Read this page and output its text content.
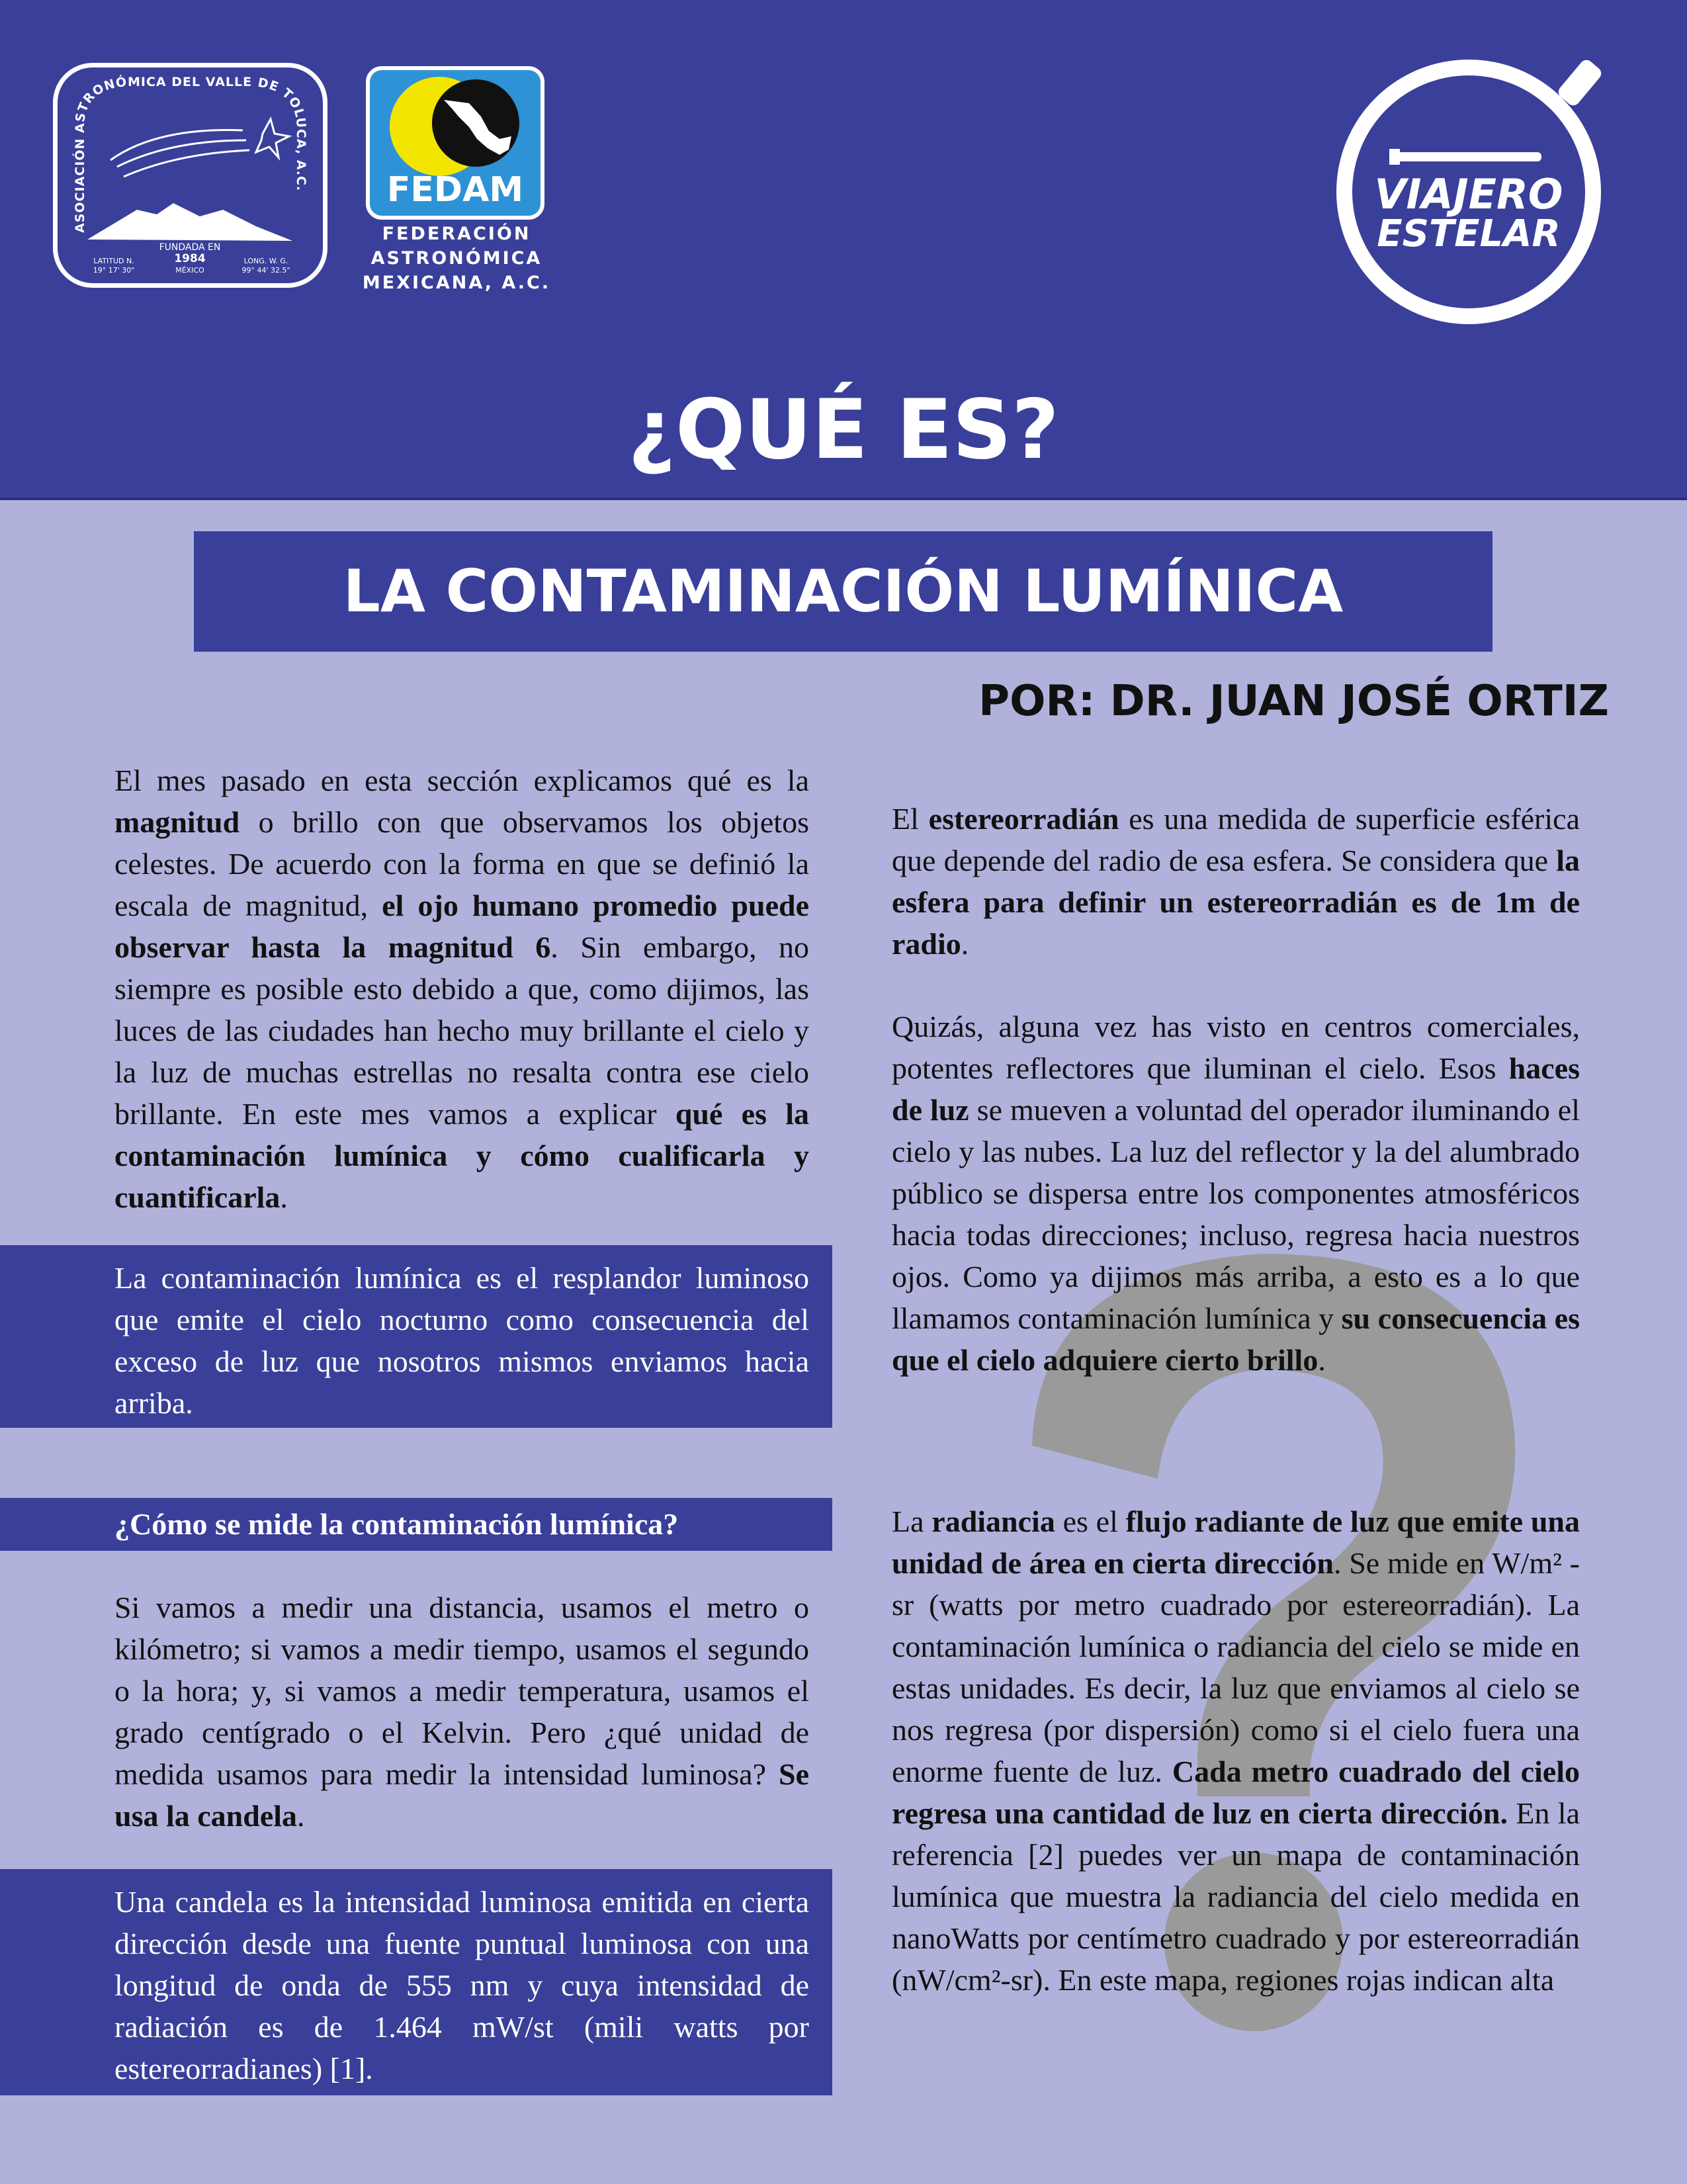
ASOCIACIÓN ASTRONÓMICA DEL VALLE DE TOLUCA, A.C.
FUNDADA EN
1984
MÉXICO
LATITUD N.
19° 17' 30"
LONG. W. G.
99° 44' 32.5"
FEDAM
FEDERACIÓN
ASTRONÓMICA
MEXICANA, A.C.
VIAJERO
ESTELAR
¿QUÉ ES?
LA CONTAMINACIÓN LUMÍNICA
POR: DR. JUAN JOSÉ ORTIZ

El mes pasado en esta sección explicamos qué es la magnitud o brillo con que observamos los objetos celestes. De acuerdo con la forma en que se definió la escala de magnitud, el ojo humano promedio puede observar hasta la magnitud 6. Sin embargo, no siempre es posible esto debido a que, como dijimos, las luces de las ciudades han hecho muy brillante el cielo y la luz de muchas estrellas no resalta contra ese cielo brillante. En este mes vamos a explicar qué es la contaminación lumínica y cómo cualificarla y cuantificarla.

La contaminación lumínica es el resplandor luminoso que emite el cielo nocturno como consecuencia del exceso de luz que nosotros mismos enviamos hacia arriba.
¿Cómo se mide la contaminación lumínica?

Si vamos a medir una distancia, usamos el metro o kilómetro; si vamos a medir tiempo, usamos el segundo o la hora; y, si vamos a medir temperatura, usamos el grado centígrado o el Kelvin. Pero ¿qué unidad de medida usamos para medir la intensidad luminosa? Se usa la candela.

Una candela es la intensidad luminosa emitida en cierta dirección desde una fuente puntual luminosa con una longitud de onda de 555 nm y cuya intensidad de radiación es de 1.464 mW/st (mili watts por estereorradianes) [1].

El estereorradián es una medida de superficie esférica que depende del radio de esa esfera. Se considera que la esfera para definir un estereorradián es de 1m de radio.

Quizás, alguna vez has visto en centros comerciales, potentes reflectores que iluminan el cielo. Esos haces de luz se mueven a voluntad del operador iluminando el cielo y las nubes. La luz del reflector y la del alumbrado público se dispersa entre los componentes atmosféricos hacia todas direcciones; incluso, regresa hacia nuestros ojos. Como ya dijimos más arriba, a esto es a lo que llamamos contaminación lumínica y su consecuencia es que el cielo adquiere cierto brillo.

La radiancia es el flujo radiante de luz que emite una unidad de área en cierta dirección. Se mide en W/m² -sr (watts por metro cuadrado por estereorradián). La contaminación lumínica o radiancia del cielo se mide en estas unidades. Es decir, la luz que enviamos al cielo se nos regresa (por dispersión) como si el cielo fuera una enorme fuente de luz. Cada metro cuadrado del cielo regresa una cantidad de luz en cierta dirección. En la referencia [2] puedes ver un mapa de contaminación lumínica que muestra la radiancia del cielo medida en nanoWatts por centímetro cuadrado y por estereorradián (nW/cm²-sr). En este mapa, regiones rojas indican alta
